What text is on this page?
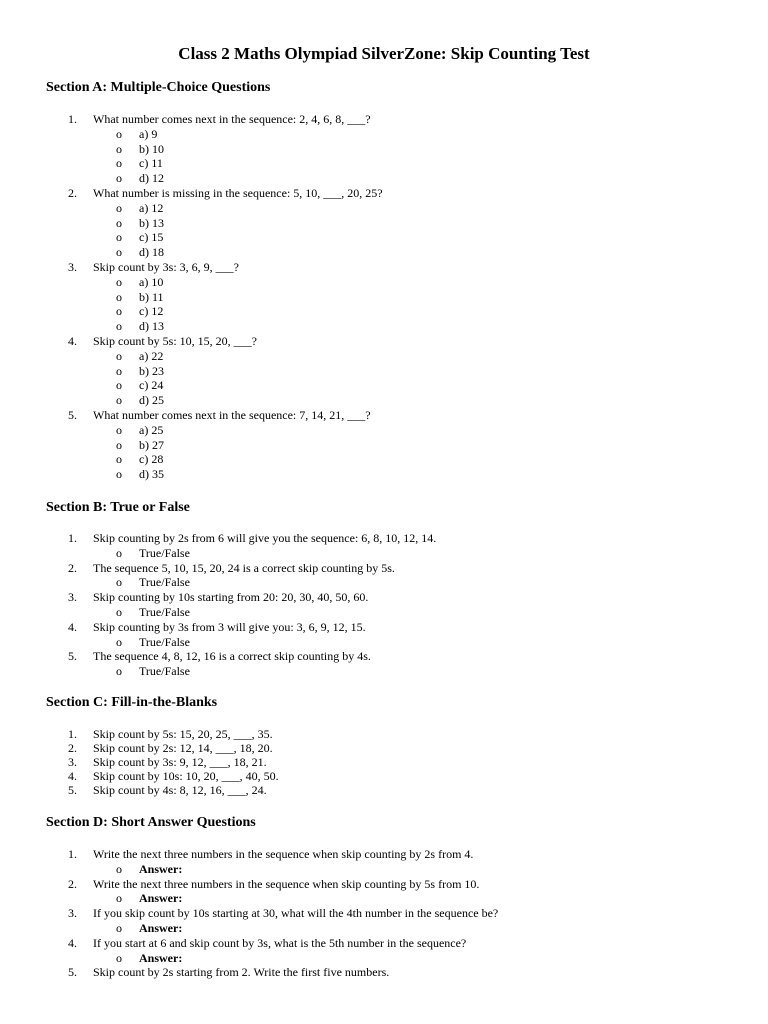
Class 2 Maths Olympiad SilverZone: Skip Counting Test
Section A: Multiple-Choice Questions
1. What number comes next in the sequence: 2, 4, 6, 8, ___?
o a) 9
o b) 10
o c) 11
o d) 12
2. What number is missing in the sequence: 5, 10, ___, 20, 25?
o a) 12
o b) 13
o c) 15
o d) 18
3. Skip count by 3s: 3, 6, 9, ___?
o a) 10
o b) 11
o c) 12
o d) 13
4. Skip count by 5s: 10, 15, 20, ___?
o a) 22
o b) 23
o c) 24
o d) 25
5. What number comes next in the sequence: 7, 14, 21, ___?
o a) 25
o b) 27
o c) 28
o d) 35
Section B: True or False
1. Skip counting by 2s from 6 will give you the sequence: 6, 8, 10, 12, 14.
o True/False
2. The sequence 5, 10, 15, 20, 24 is a correct skip counting by 5s.
o True/False
3. Skip counting by 10s starting from 20: 20, 30, 40, 50, 60.
o True/False
4. Skip counting by 3s from 3 will give you: 3, 6, 9, 12, 15.
o True/False
5. The sequence 4, 8, 12, 16 is a correct skip counting by 4s.
o True/False
Section C: Fill-in-the-Blanks
1. Skip count by 5s: 15, 20, 25, ___, 35.
2. Skip count by 2s: 12, 14, ___, 18, 20.
3. Skip count by 3s: 9, 12, ___, 18, 21.
4. Skip count by 10s: 10, 20, ___, 40, 50.
5. Skip count by 4s: 8, 12, 16, ___, 24.
Section D: Short Answer Questions
1. Write the next three numbers in the sequence when skip counting by 2s from 4.
o Answer:
2. Write the next three numbers in the sequence when skip counting by 5s from 10.
o Answer:
3. If you skip count by 10s starting at 30, what will the 4th number in the sequence be?
o Answer:
4. If you start at 6 and skip count by 3s, what is the 5th number in the sequence?
o Answer:
5. Skip count by 2s starting from 2. Write the first five numbers.
